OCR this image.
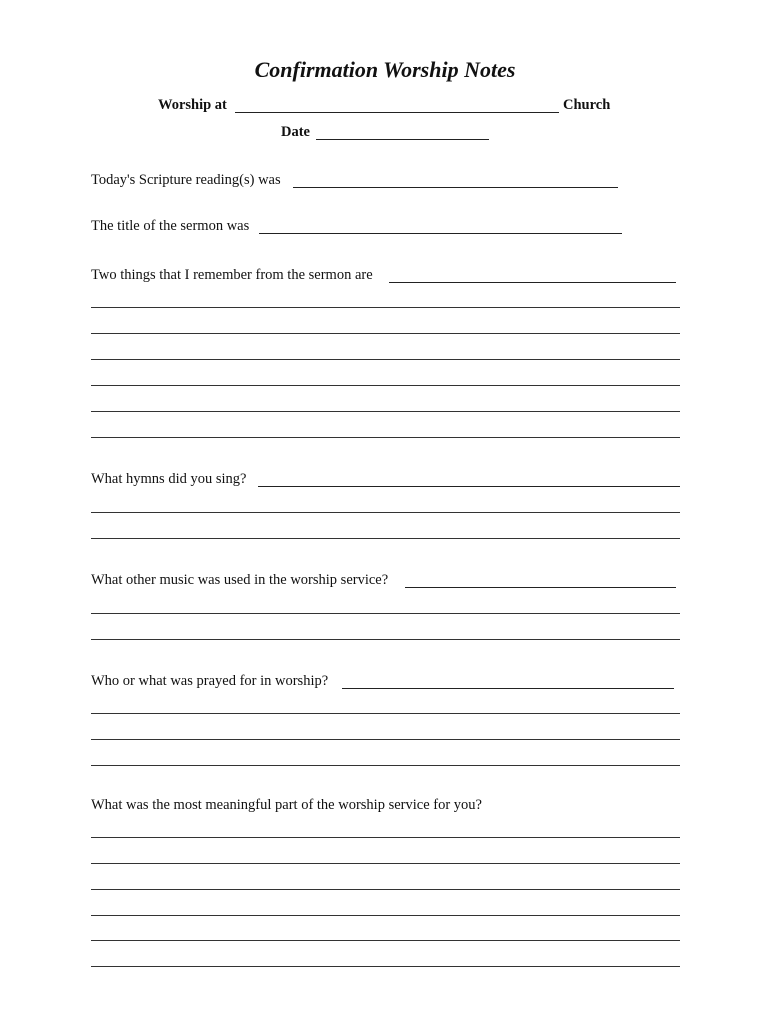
Confirmation Worship Notes
Worship at	Church
Date
Today's Scripture reading(s) was
The title of the sermon was
Two things that I remember from the sermon are
What hymns did you sing?
What other music was used in the worship service?
Who or what was prayed for in worship?
What was the most meaningful part of the worship service for you?
